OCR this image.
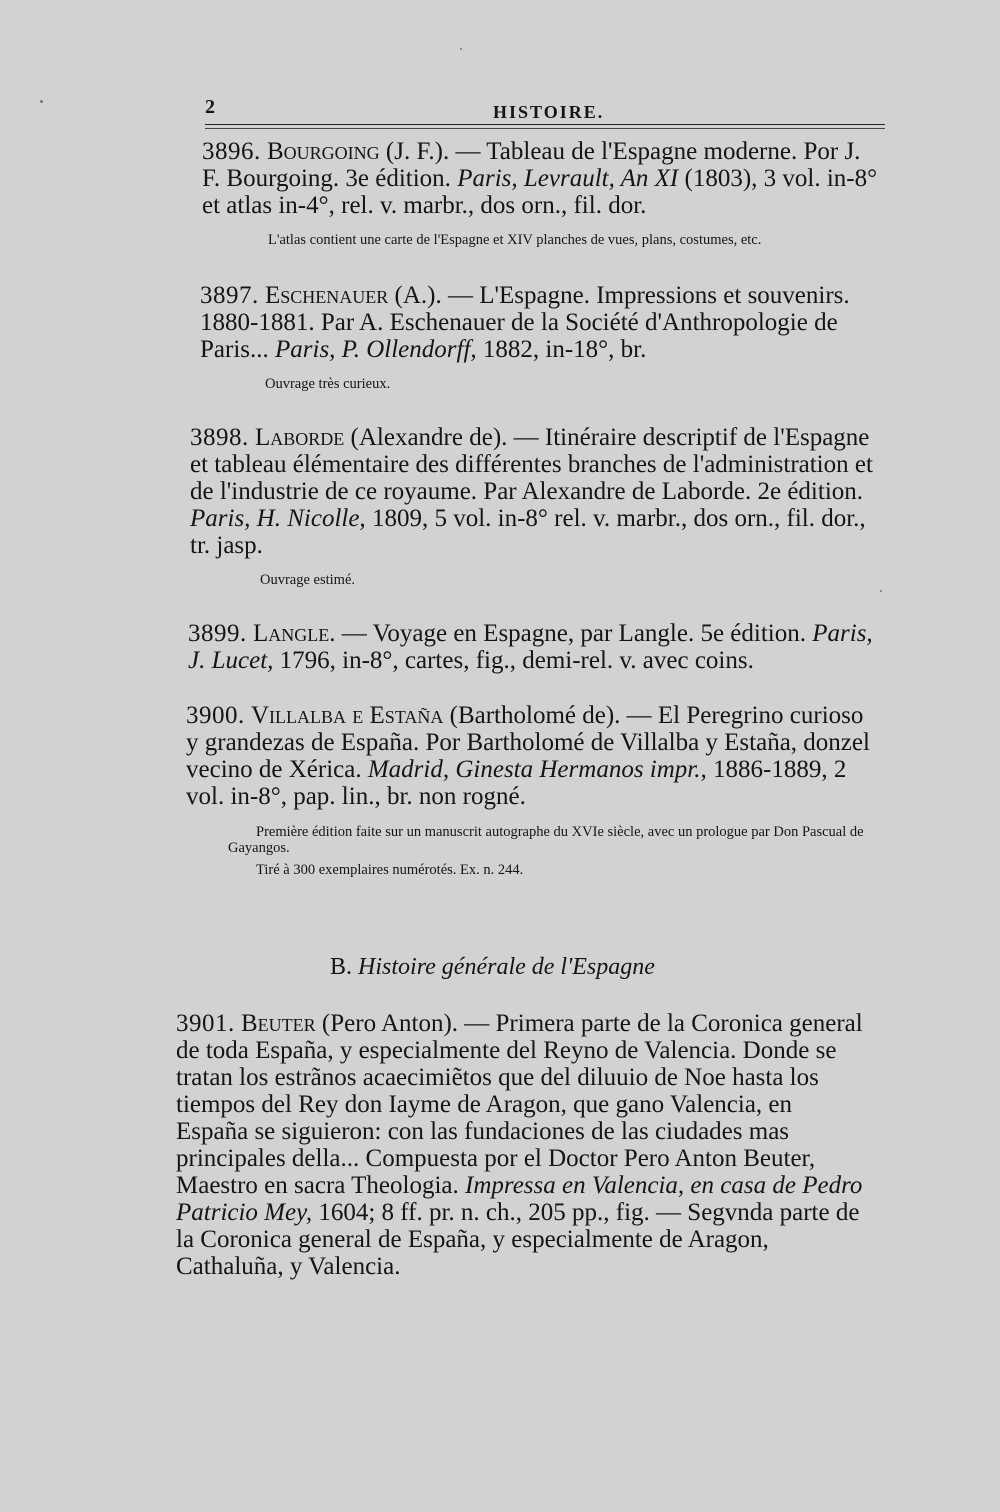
2	HISTOIRE.
3896. Bourgoing (J. F.). — Tableau de l'Espagne moderne. Por J. F. Bourgoing. 3e édition. Paris, Levrault, An XI (1803), 3 vol. in-8° et atlas in-4°, rel. v. marbr., dos orn., fil. dor.
L'atlas contient une carte de l'Espagne et XIV planches de vues, plans, costumes, etc.
3897. Eschenauer (A.). — L'Espagne. Impressions et souvenirs. 1880-1881. Par A. Eschenauer de la Société d'Anthropologie de Paris... Paris, P. Ollendorff, 1882, in-18°, br.
Ouvrage très curieux.
3898. Laborde (Alexandre de). — Itinéraire descriptif de l'Espagne et tableau élémentaire des différentes branches de l'administration et de l'industrie de ce royaume. Par Alexandre de Laborde. 2e édition. Paris, H. Nicolle, 1809, 5 vol. in-8° rel. v. marbr., dos orn., fil. dor., tr. jasp.
Ouvrage estimé.
3899. Langle. — Voyage en Espagne, par Langle. 5e édition. Paris, J. Lucet, 1796, in-8°, cartes, fig., demi-rel. v. avec coins.
3900. Villalba e Estaña (Bartholomé de). — El Peregrino curioso y grandezas de España. Por Bartholomé de Villalba y Estaña, donzel vecino de Xérica. Madrid, Ginesta Hermanos impr., 1886-1889, 2 vol. in-8°, pap. lin., br. non rogné.
Première édition faite sur un manuscrit autographe du XVIe siècle, avec un prologue par Don Pascual de Gayangos.
Tiré à 300 exemplaires numérotés. Ex. n. 244.
B. Histoire générale de l'Espagne
3901. Beuter (Pero Anton). — Primera parte de la Coronica general de toda España, y especialmente del Reyno de Valencia. Donde se tratan los estrãnos acaecimiẽtos que del diluuio de Noe hasta los tiempos del Rey don Iayme de Aragon, que gano Valencia, en España se siguieron: con las fundaciones de las ciudades mas principales della... Compuesta por el Doctor Pero Anton Beuter, Maestro en sacra Theologia. Impressa en Valencia, en casa de Pedro Patricio Mey, 1604; 8 ff. pr. n. ch., 205 pp., fig. — Segvnda parte de la Coronica general de España, y especialmente de Aragon, Cathaluña, y Valencia.
